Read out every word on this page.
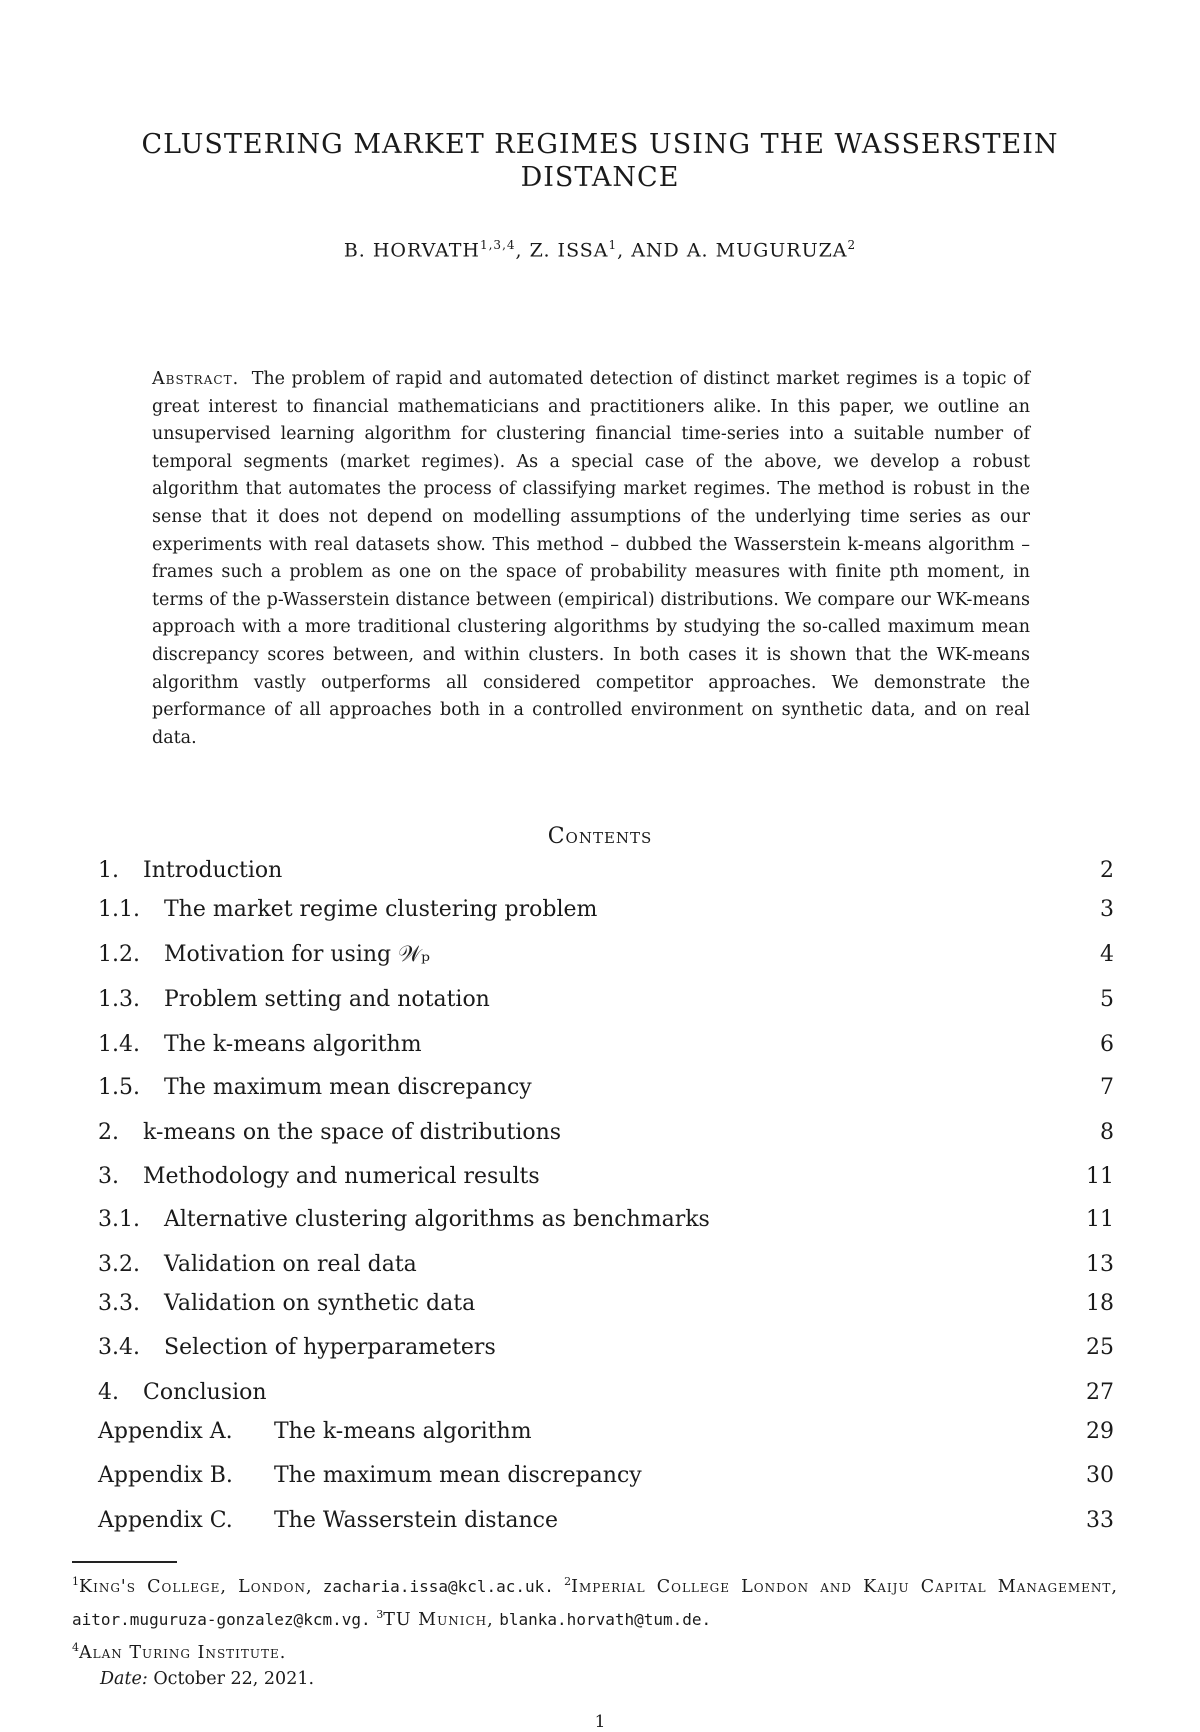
CLUSTERING MARKET REGIMES USING THE WASSERSTEIN
DISTANCE
B. HORVATH$^{1,3,4}$, Z. ISSA$^1$, AND A. MUGURUZA$^2$
Abstract. The problem of rapid and automated detection of distinct market regimes is a topic of great interest to financial mathematicians and practitioners alike. In this paper, we outline an unsupervised learning algorithm for clustering financial time-series into a suitable number of temporal segments (market regimes). As a special case of the above, we develop a robust algorithm that automates the process of classifying market regimes. The method is robust in the sense that it does not depend on modelling assumptions of the underlying time series as our experiments with real datasets show. This method – dubbed the Wasserstein k-means algorithm – frames such a problem as one on the space of probability measures with finite pth moment, in terms of the p-Wasserstein distance between (empirical) distributions. We compare our WK-means approach with a more traditional clustering algorithms by studying the so-called maximum mean discrepancy scores between, and within clusters. In both cases it is shown that the WK-means algorithm vastly outperforms all considered competitor approaches. We demonstrate the performance of all approaches both in a controlled environment on synthetic data, and on real data.
Contents
1. Introduction	2
1.1. The market regime clustering problem	3
1.2. Motivation for using 𝒲ₚ	4
1.3. Problem setting and notation	5
1.4. The k-means algorithm	6
1.5. The maximum mean discrepancy	7
2. k-means on the space of distributions	8
3. Methodology and numerical results	11
3.1. Alternative clustering algorithms as benchmarks	11
3.2. Validation on real data	13
3.3. Validation on synthetic data	18
3.4. Selection of hyperparameters	25
4. Conclusion	27
Appendix A. The k-means algorithm	29
Appendix B. The maximum mean discrepancy	30
Appendix C. The Wasserstein distance	33
$^1$King's College, London, zacharia.issa@kcl.ac.uk. $^2$Imperial College London and Kaiju Capital Management, aitor.muguruza-gonzalez@kcm.vg. $^3$TU Munich, blanka.horvath@tum.de.
$^4$Alan Turing Institute.
Date: October 22, 2021.
1
